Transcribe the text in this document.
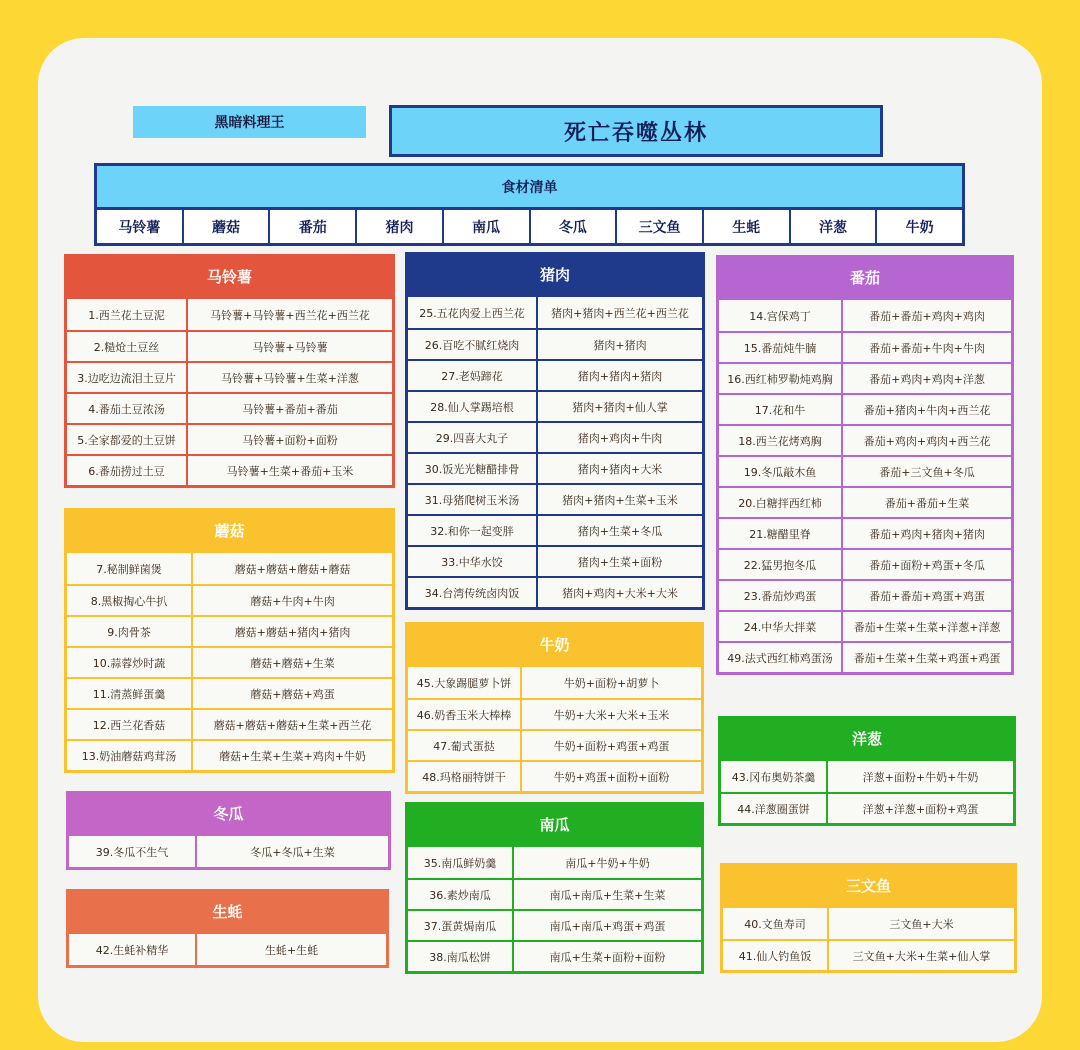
黑暗料理王	死亡吞噬丛林
食材清单
马铃薯	蘑菇	番茄	猪肉	南瓜	冬瓜	三文鱼	生蚝	洋葱	牛奶
马铃薯
1.西兰花土豆泥	马铃薯+马铃薯+西兰花+西兰花
2.糙炝土豆丝	马铃薯+马铃薯
3.边吃边流泪土豆片	马铃薯+马铃薯+生菜+洋葱
4.番茄土豆浓汤	马铃薯+番茄+番茄
5.全家都爱的土豆饼	马铃薯+面粉+面粉
6.番茄捞过土豆	马铃薯+生菜+番茄+玉米
蘑菇
7.秘制鲜菌煲	蘑菇+蘑菇+蘑菇+蘑菇
8.黑椒掏心牛扒	蘑菇+牛肉+牛肉
9.肉骨茶	蘑菇+蘑菇+猪肉+猪肉
10.蒜蓉炒时蔬	蘑菇+蘑菇+生菜
11.清蒸鲜蛋羹	蘑菇+蘑菇+鸡蛋
12.西兰花香菇	蘑菇+蘑菇+蘑菇+生菜+西兰花
13.奶油蘑菇鸡茸汤	蘑菇+生菜+生菜+鸡肉+牛奶
冬瓜
39.冬瓜不生气	冬瓜+冬瓜+生菜
生蚝
42.生蚝补精华	生蚝+生蚝
猪肉
25.五花肉爱上西兰花	猪肉+猪肉+西兰花+西兰花
26.百吃不腻红烧肉	猪肉+猪肉
27.老妈蹄花	猪肉+猪肉+猪肉
28.仙人掌踢培根	猪肉+猪肉+仙人掌
29.四喜大丸子	猪肉+鸡肉+牛肉
30.饭光光糖醋排骨	猪肉+猪肉+大米
31.母猪爬树玉米汤	猪肉+猪肉+生菜+玉米
32.和你一起变胖	猪肉+生菜+冬瓜
33.中华水饺	猪肉+生菜+面粉
34.台湾传统卤肉饭	猪肉+鸡肉+大米+大米
牛奶
45.大象踢腿萝卜饼	牛奶+面粉+胡萝卜
46.奶香玉米大棒棒	牛奶+大米+大米+玉米
47.葡式蛋挞	牛奶+面粉+鸡蛋+鸡蛋
48.玛格丽特饼干	牛奶+鸡蛋+面粉+面粉
南瓜
35.南瓜鲜奶羹	南瓜+牛奶+牛奶
36.素炒南瓜	南瓜+南瓜+生菜+生菜
37.蛋黄焗南瓜	南瓜+南瓜+鸡蛋+鸡蛋
38.南瓜松饼	南瓜+生菜+面粉+面粉
番茄
14.宫保鸡丁	番茄+番茄+鸡肉+鸡肉
15.番茄炖牛腩	番茄+番茄+牛肉+牛肉
16.西红柿罗勒炖鸡胸	番茄+鸡肉+鸡肉+洋葱
17.花和牛	番茄+猪肉+牛肉+西兰花
18.西兰花烤鸡胸	番茄+鸡肉+鸡肉+西兰花
19.冬瓜敲木鱼	番茄+三文鱼+冬瓜
20.白糖拌西红柿	番茄+番茄+生菜
21.糖醋里脊	番茄+鸡肉+猪肉+猪肉
22.猛男抱冬瓜	番茄+面粉+鸡蛋+冬瓜
23.番茄炒鸡蛋	番茄+番茄+鸡蛋+鸡蛋
24.中华大拌菜	番茄+生菜+生菜+洋葱+洋葱
49.法式西红柿鸡蛋汤	番茄+生菜+生菜+鸡蛋+鸡蛋
洋葱
43.冈布奥奶茶羹	洋葱+面粉+牛奶+牛奶
44.洋葱圈蛋饼	洋葱+洋葱+面粉+鸡蛋
三文鱼
40.文鱼寿司	三文鱼+大米
41.仙人钓鱼饭	三文鱼+大米+生菜+仙人掌
